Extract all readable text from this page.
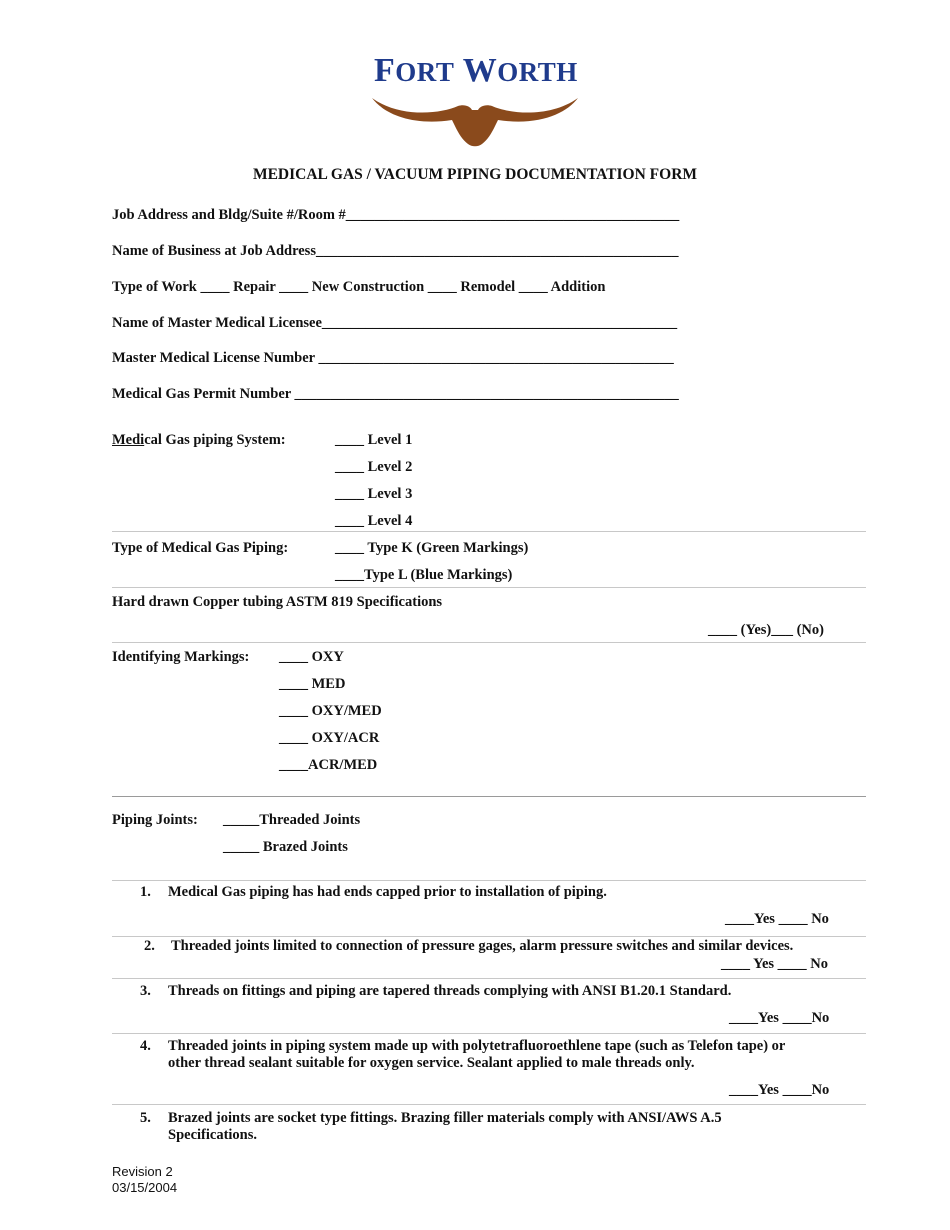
FORT WORTH
MEDICAL GAS / VACUUM PIPING DOCUMENTATION FORM
Job Address and Bldg/Suite #/Room #______________________________________________
Name of Business at Job Address__________________________________________________
Type of Work ____ Repair ____ New Construction ____ Remodel ____ Addition
Name of Master Medical Licensee_________________________________________________
Master Medical License Number _________________________________________________
Medical Gas Permit Number _____________________________________________________
Medical Gas piping System:	____ Level 1
____ Level 2
____ Level 3
____ Level 4
Type of Medical Gas Piping:	____ Type K (Green Markings)
____Type L (Blue Markings)
Hard drawn Copper tubing ASTM 819 Specifications
____ (Yes)___ (No)
Identifying Markings: ____ OXY
____ MED
____ OXY/MED
____ OXY/ACR
____ACR/MED
Piping Joints: _____Threaded Joints
_____ Brazed Joints
1. Medical Gas piping has had ends capped prior to installation of piping.
____Yes ____ No
2. Threaded joints limited to connection of pressure gages, alarm pressure switches and similar devices.
____ Yes ____ No
3. Threads on fittings and piping are tapered threads complying with ANSI B1.20.1 Standard.
____Yes ____No
4. Threaded joints in piping system made up with polytetrafluoroethlene tape (such as Telefon tape) or
other thread sealant suitable for oxygen service. Sealant applied to male threads only.
____Yes ____No
5. Brazed joints are socket type fittings. Brazing filler materials comply with ANSI/AWS A.5
Specifications.
Revision 2
03/15/2004
